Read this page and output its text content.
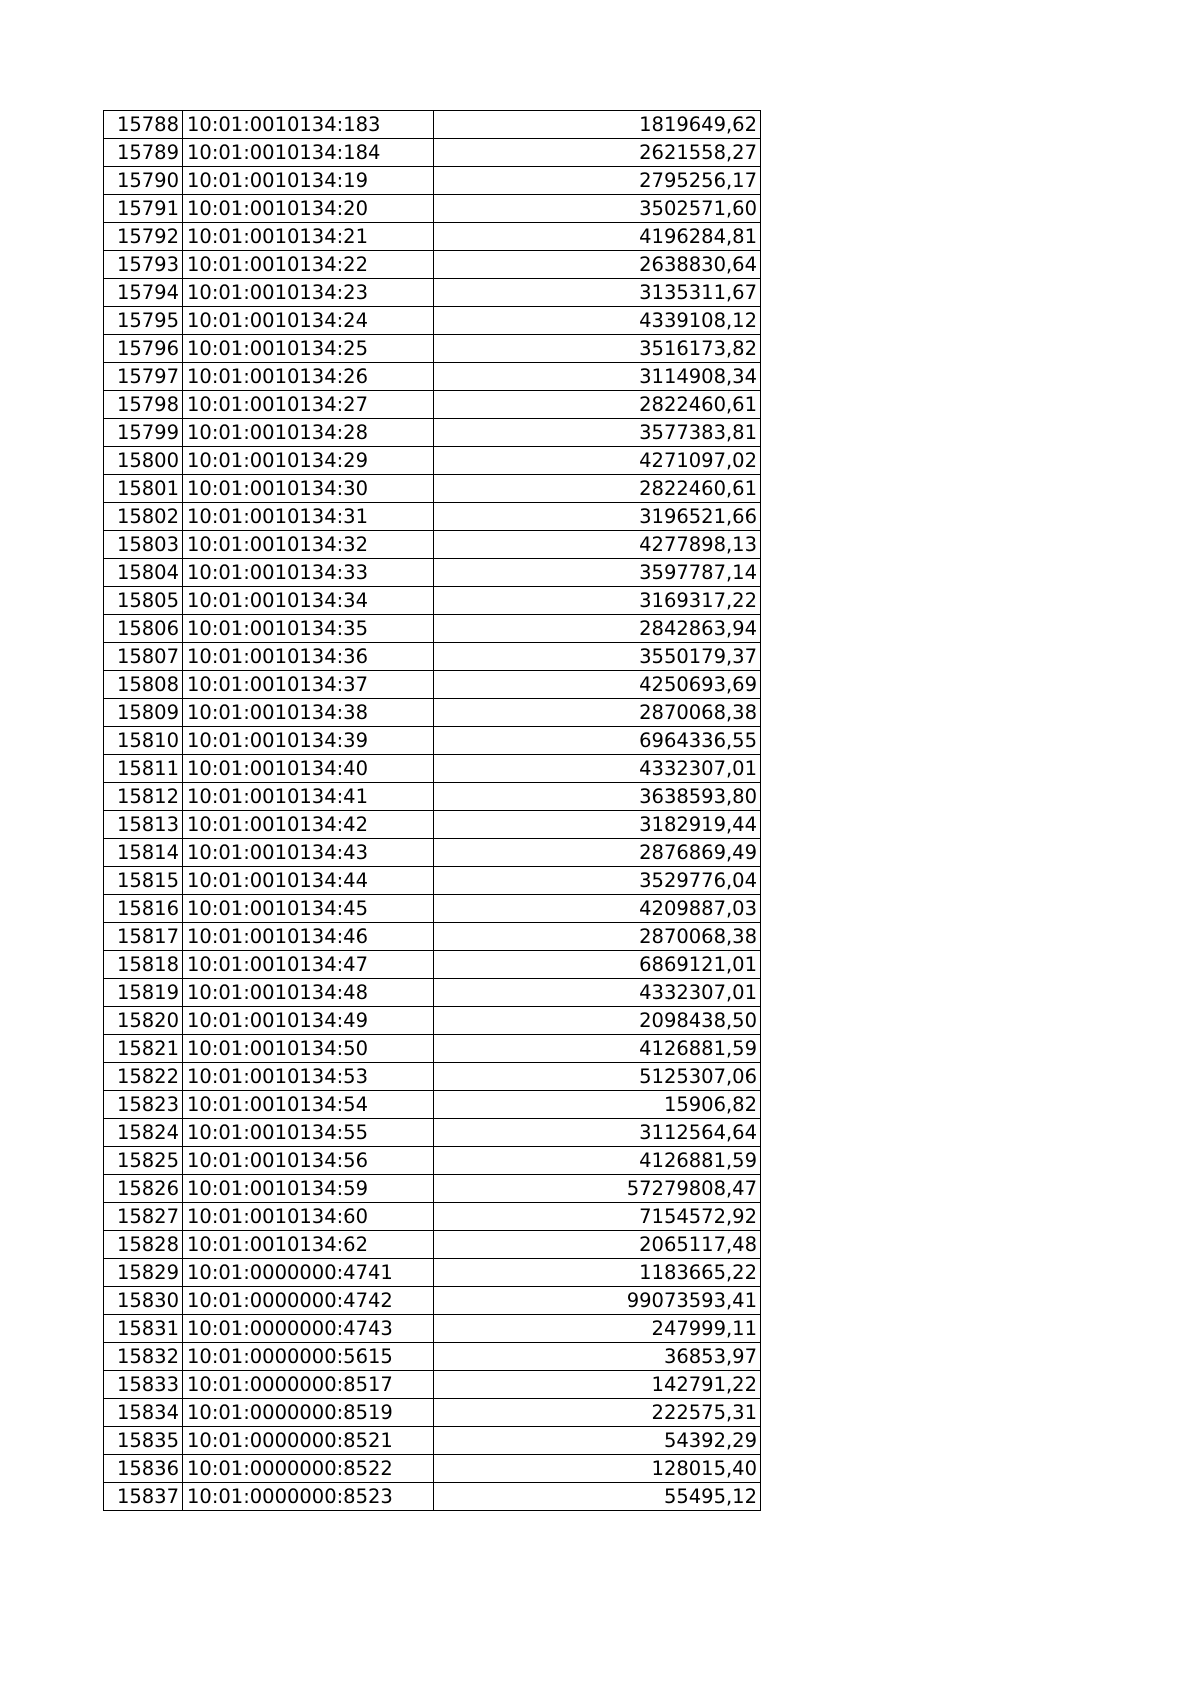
15788	10:01:0010134:183	1819649,62
15789	10:01:0010134:184	2621558,27
15790	10:01:0010134:19	2795256,17
15791	10:01:0010134:20	3502571,60
15792	10:01:0010134:21	4196284,81
15793	10:01:0010134:22	2638830,64
15794	10:01:0010134:23	3135311,67
15795	10:01:0010134:24	4339108,12
15796	10:01:0010134:25	3516173,82
15797	10:01:0010134:26	3114908,34
15798	10:01:0010134:27	2822460,61
15799	10:01:0010134:28	3577383,81
15800	10:01:0010134:29	4271097,02
15801	10:01:0010134:30	2822460,61
15802	10:01:0010134:31	3196521,66
15803	10:01:0010134:32	4277898,13
15804	10:01:0010134:33	3597787,14
15805	10:01:0010134:34	3169317,22
15806	10:01:0010134:35	2842863,94
15807	10:01:0010134:36	3550179,37
15808	10:01:0010134:37	4250693,69
15809	10:01:0010134:38	2870068,38
15810	10:01:0010134:39	6964336,55
15811	10:01:0010134:40	4332307,01
15812	10:01:0010134:41	3638593,80
15813	10:01:0010134:42	3182919,44
15814	10:01:0010134:43	2876869,49
15815	10:01:0010134:44	3529776,04
15816	10:01:0010134:45	4209887,03
15817	10:01:0010134:46	2870068,38
15818	10:01:0010134:47	6869121,01
15819	10:01:0010134:48	4332307,01
15820	10:01:0010134:49	2098438,50
15821	10:01:0010134:50	4126881,59
15822	10:01:0010134:53	5125307,06
15823	10:01:0010134:54	15906,82
15824	10:01:0010134:55	3112564,64
15825	10:01:0010134:56	4126881,59
15826	10:01:0010134:59	57279808,47
15827	10:01:0010134:60	7154572,92
15828	10:01:0010134:62	2065117,48
15829	10:01:0000000:4741	1183665,22
15830	10:01:0000000:4742	99073593,41
15831	10:01:0000000:4743	247999,11
15832	10:01:0000000:5615	36853,97
15833	10:01:0000000:8517	142791,22
15834	10:01:0000000:8519	222575,31
15835	10:01:0000000:8521	54392,29
15836	10:01:0000000:8522	128015,40
15837	10:01:0000000:8523	55495,12
